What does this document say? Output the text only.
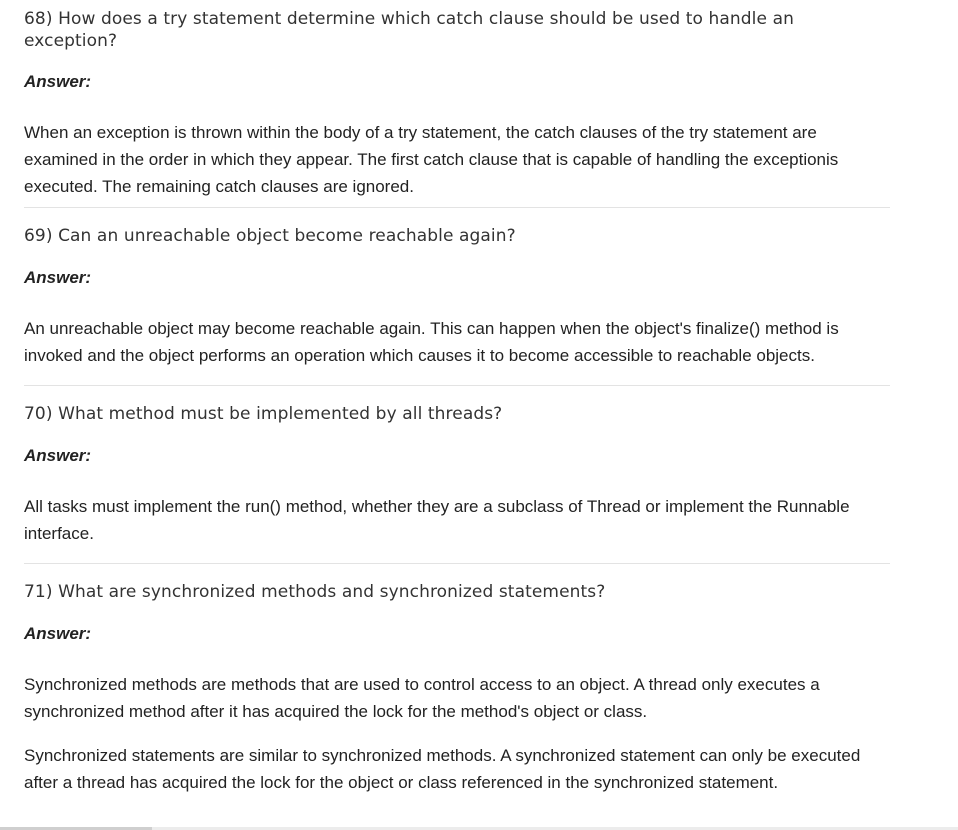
68) How does a try statement determine which catch clause should be used to handle an exception?

Answer:

When an exception is thrown within the body of a try statement, the catch clauses of the try statement are examined in the order in which they appear. The first catch clause that is capable of handling the exceptionis executed. The remaining catch clauses are ignored.

69) Can an unreachable object become reachable again?

Answer:

An unreachable object may become reachable again. This can happen when the object's finalize() method is invoked and the object performs an operation which causes it to become accessible to reachable objects.

70) What method must be implemented by all threads?

Answer:

All tasks must implement the run() method, whether they are a subclass of Thread or implement the Runnable interface.

71) What are synchronized methods and synchronized statements?

Answer:

Synchronized methods are methods that are used to control access to an object. A thread only executes a synchronized method after it has acquired the lock for the method's object or class.

Synchronized statements are similar to synchronized methods. A synchronized statement can only be executed after a thread has acquired the lock for the object or class referenced in the synchronized statement.
